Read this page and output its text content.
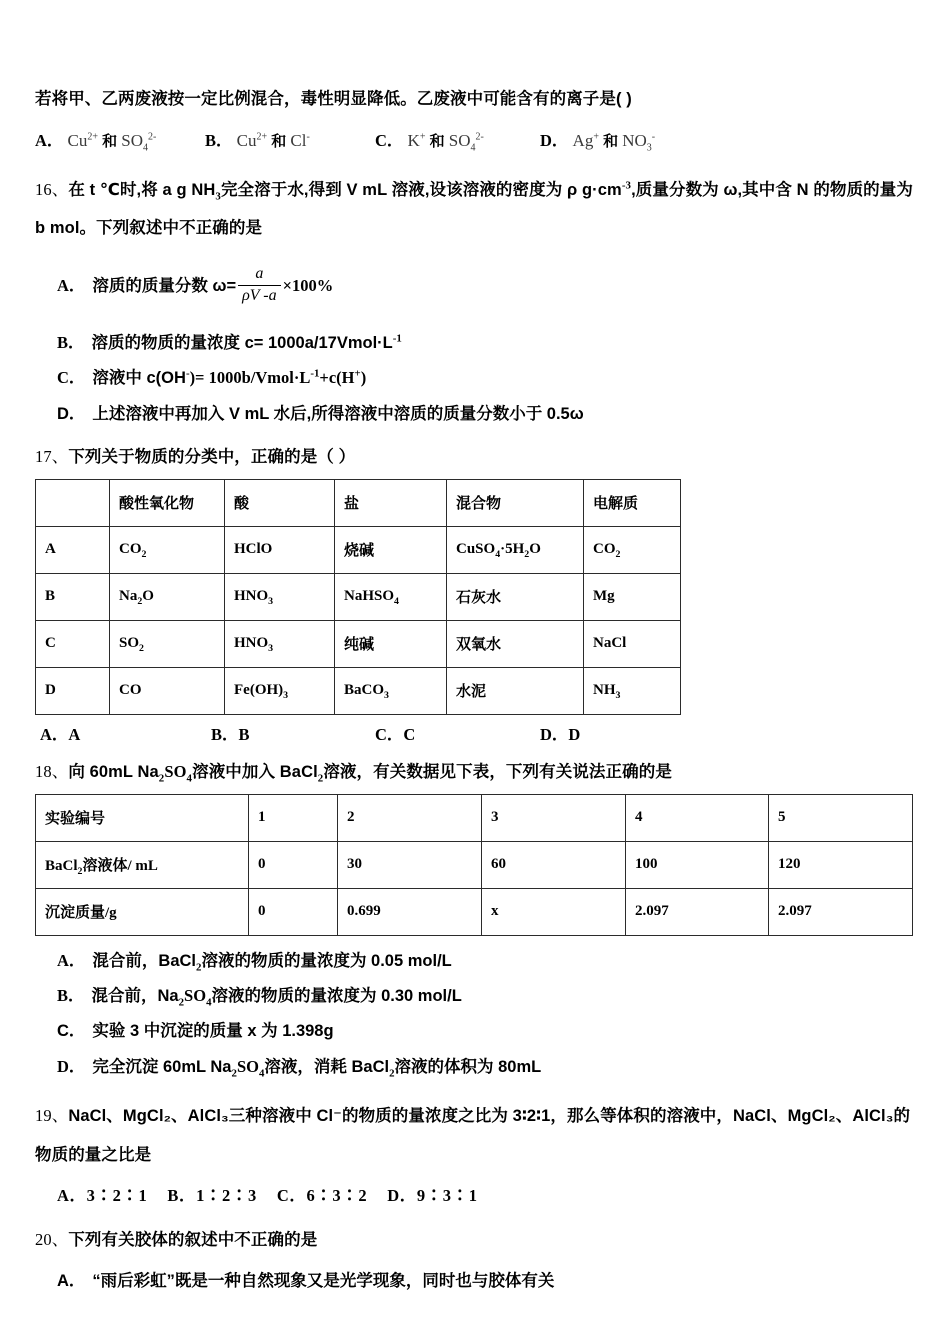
若将甲、乙两废液按一定比例混合，毒性明显降低。乙废液中可能含有的离子是( )
A． $Cu^{2+}$ 和 $SO_4^{2-}$	B． $Cu^{2+}$ 和 Cl-	C． K+ 和 $SO_4^{2-}$	D． Ag+ 和 $NO_3^-$
16、在 t ℃时,将 a g $NH_3$完全溶于水,得到 V mL 溶液,设该溶液的密度为 ρ $g\cdot cm^{-3}$,质量分数为 ω,其中含 N 的物质的量为
b mol。下列叙述中不正确的是
A． 溶质的质量分数 $\omega= \frac{a}{\rho V -a} \times 100\%$
B． 溶质的物质的量浓度 $c= 1000a/17Vmol\cdot L^{-1}$
C． 溶液中 $c(OH^-)= 1000b/Vmol\cdot L^{-1}+c(H^+)$
D． 上述溶液中再加入 V mL 水后,所得溶液中溶质的质量分数小于 0.5ω
17、下列关于物质的分类中，正确的是（ ）
	酸性氧化物	酸	盐	混合物	电解质
A	$CO_2$	HClO	烧碱	$CuSO_4\cdot 5H_2O$	$CO_2$
B	$Na_2O$	$HNO_3$	NaHSO$_4$	石灰水	Mg
C	$SO_2$	$HNO_3$	纯碱	双氧水	NaCl
D	CO	$Fe(OH)_3$	BaCO$_3$	水泥	$NH_3$
A．A	B．B	C．C	D．D
18、向 60mL $Na_2SO_4$溶液中加入 BaCl$_2$溶液，有关数据见下表，下列有关说法正确的是
实验编号	1	2	3	4	5
BaCl$_2$溶液体/ mL	0	30	60	100	120
沉淀质量/g	0	0.699	x	2.097	2.097
A． 混合前，BaCl$_2$溶液的物质的量浓度为 0.05 mol/L
B． 混合前，$Na_2SO_4$溶液的物质的量浓度为 0.30 mol/L
C． 实验 3 中沉淀的质量 x 为 1.398g
D． 完全沉淀 60mL $Na_2SO_4$溶液，消耗 BaCl$_2$溶液的体积为 80mL
19、NaCl、MgCl₂、AlCl₃三种溶液中 Cl⁻的物质的量浓度之比为 3∶2∶1，那么等体积的溶液中，NaCl、MgCl₂、AlCl₃的
物质的量之比是
A．3∶2∶1 B．1∶2∶3 C．6∶3∶2 D．9∶3∶1
20、下列有关胶体的叙述中不正确的是
A． “雨后彩虹”既是一种自然现象又是光学现象，同时也与胶体有关
